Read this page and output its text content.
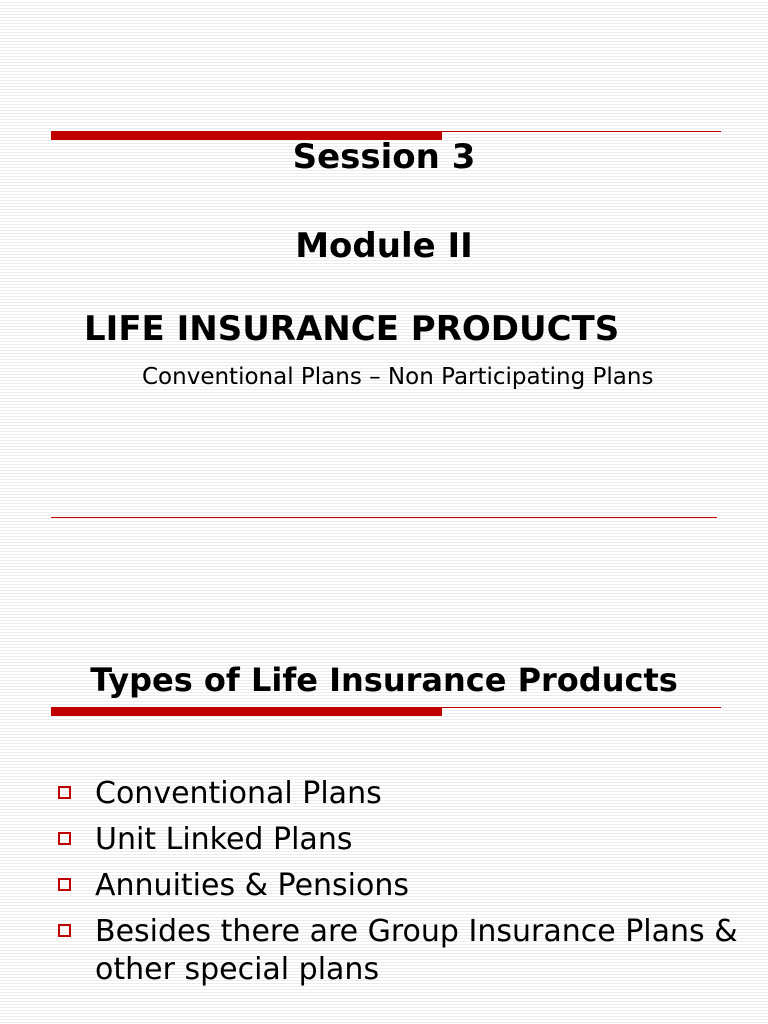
Session 3
Module II
LIFE INSURANCE PRODUCTS
Conventional Plans – Non Participating Plans
Types of Life Insurance Products
Conventional Plans
Unit Linked Plans
Annuities & Pensions
Besides there are Group Insurance Plans & other special plans
